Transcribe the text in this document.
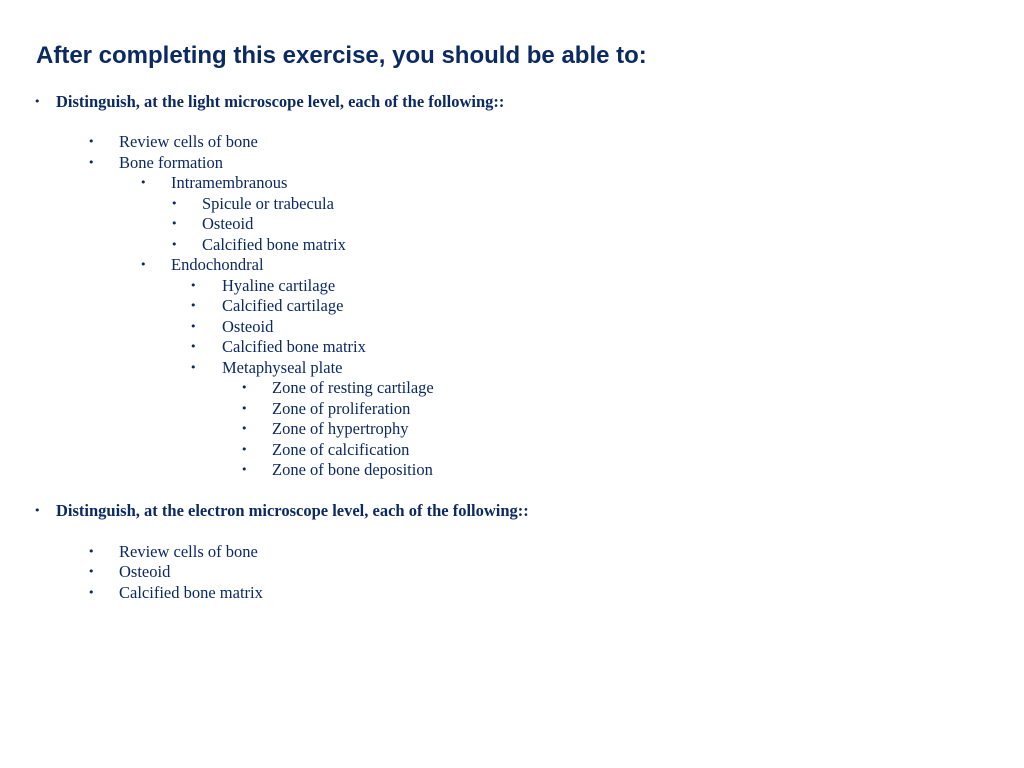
After completing this exercise, you should be able to:
• Distinguish, at the light microscope level, each of the following::
• Review cells of bone
• Bone formation
• Intramembranous
• Spicule or trabecula
• Osteoid
• Calcified bone matrix
• Endochondral
• Hyaline cartilage
• Calcified cartilage
• Osteoid
• Calcified bone matrix
• Metaphyseal plate
• Zone of resting cartilage
• Zone of proliferation
• Zone of hypertrophy
• Zone of calcification
• Zone of bone deposition
• Distinguish, at the electron microscope level, each of the following::
• Review cells of bone
• Osteoid
• Calcified bone matrix
